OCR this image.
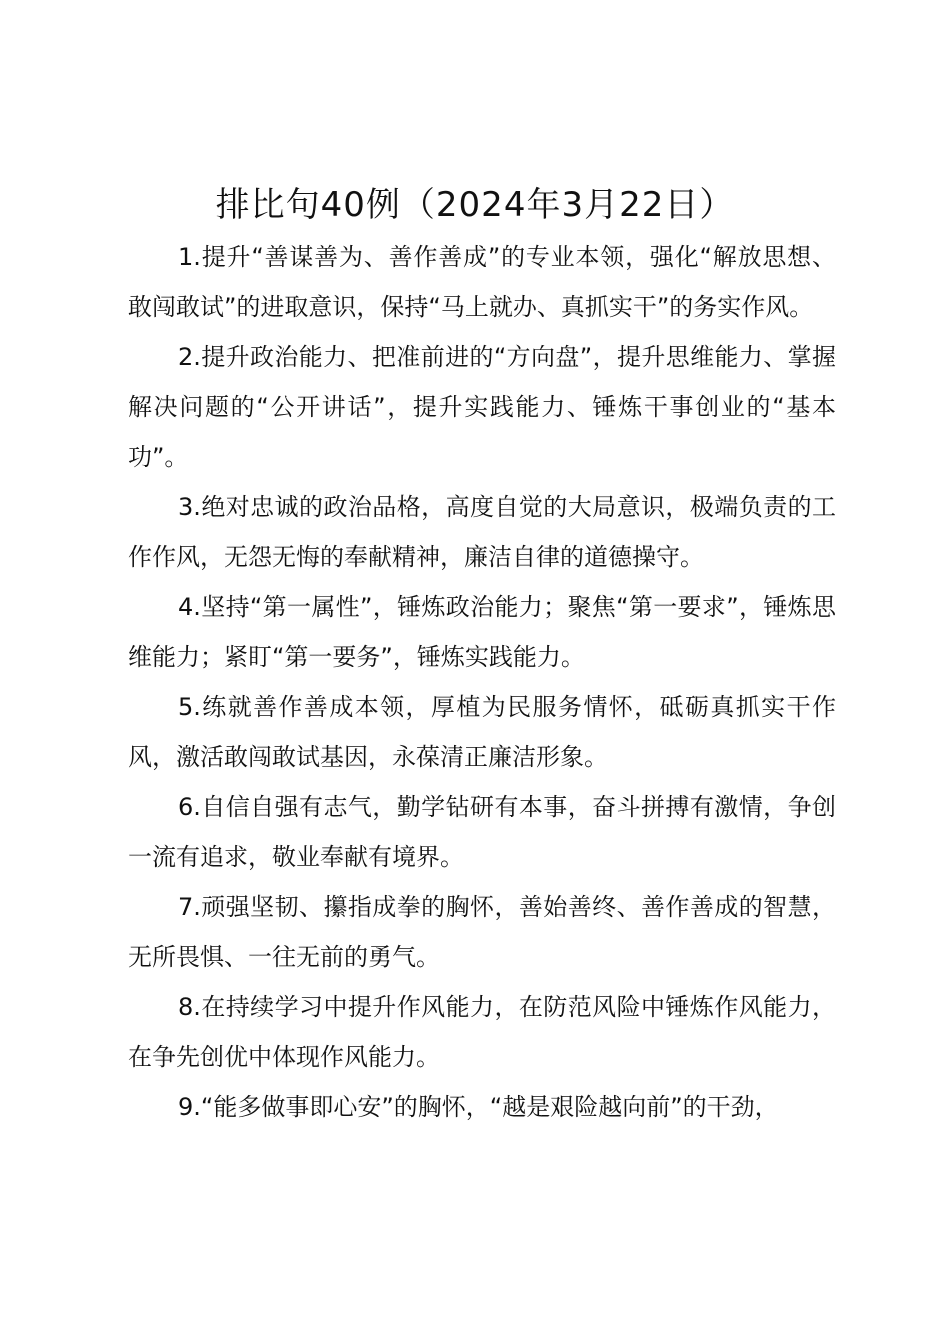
排比句40例（2024年3月22日）

1.提升“善谋善为、善作善成”的专业本领，强化“解放思想、敢闯敢试”的进取意识，保持“马上就办、真抓实干”的务实作风。

2.提升政治能力、把准前进的“方向盘”，提升思维能力、掌握解决问题的“公开讲话”，提升实践能力、锤炼干事创业的“基本功”。

3.绝对忠诚的政治品格，高度自觉的大局意识，极端负责的工作作风，无怨无悔的奉献精神，廉洁自律的道德操守。

4.坚持“第一属性”，锤炼政治能力；聚焦“第一要求”，锤炼思维能力；紧盯“第一要务”，锤炼实践能力。

5.练就善作善成本领，厚植为民服务情怀，砥砺真抓实干作风，激活敢闯敢试基因，永葆清正廉洁形象。

6.自信自强有志气，勤学钻研有本事，奋斗拼搏有激情，争创一流有追求，敬业奉献有境界。

7.顽强坚韧、攥指成拳的胸怀，善始善终、善作善成的智慧，无所畏惧、一往无前的勇气。

8.在持续学习中提升作风能力，在防范风险中锤炼作风能力，在争先创优中体现作风能力。

9.“能多做事即心安”的胸怀，“越是艰险越向前”的干劲，
